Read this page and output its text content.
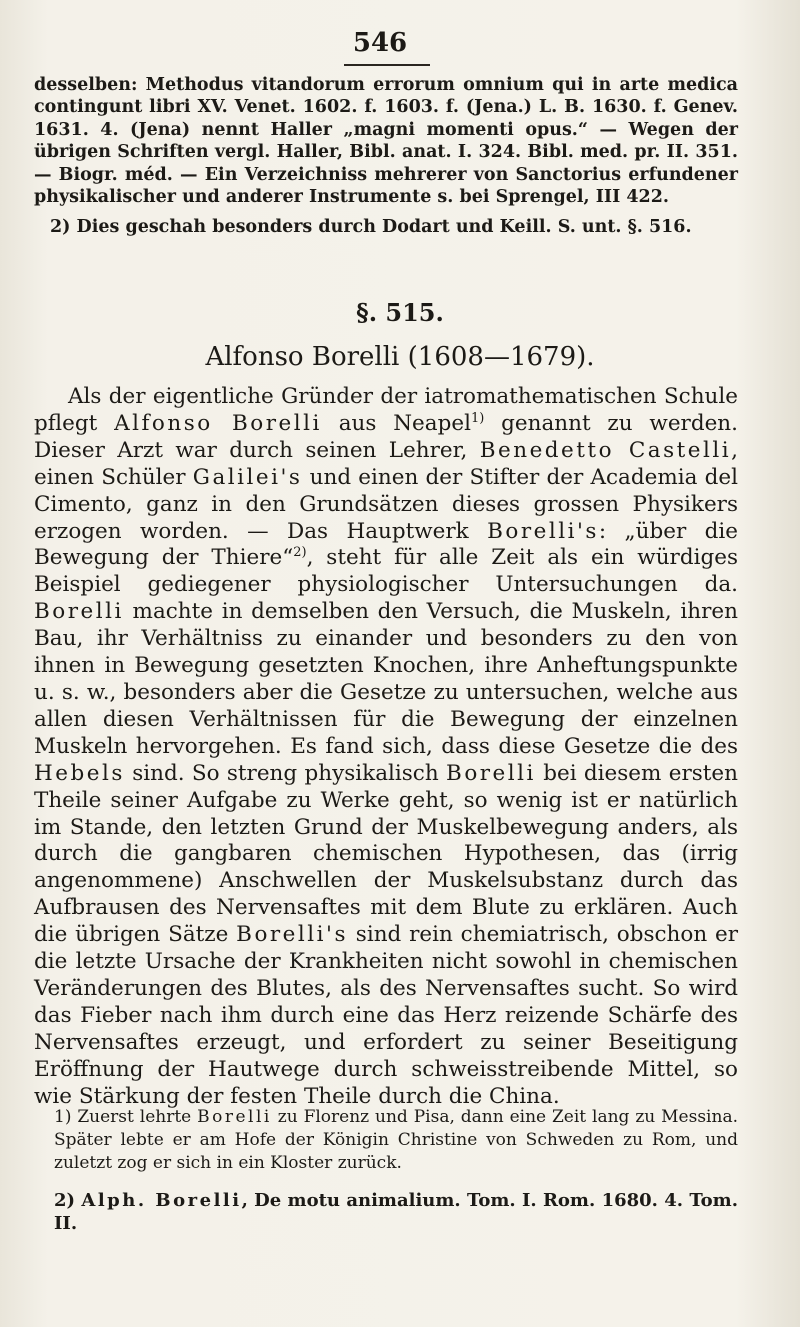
546

desselben: Methodus vitandorum errorum omnium qui in arte medica contingunt libri XV. Venet. 1602. f. 1603. f. (Jena.) L. B. 1630. f. Genev. 1631. 4. (Jena) nennt Haller „magni momenti opus.“ — Wegen der übrigen Schriften vergl. Haller, Bibl. anat. I. 324. Bibl. med. pr. II. 351. — Biogr. méd. — Ein Verzeichniss mehrerer von Sanctorius erfundener physikalischer und anderer Instrumente s. bei Sprengel, III 422.

2) Dies geschah besonders durch Dodart und Keill. S. unt. §. 516.

§. 515.
Alfonso Borelli (1608—1679).

Als der eigentliche Gründer der iatromathematischen Schule pflegt Alfonso Borelli aus Neapel$^{1)}$ genannt zu werden. Dieser Arzt war durch seinen Lehrer, Benedetto Castelli, einen Schüler Galilei's und einen der Stifter der Academia del Cimento, ganz in den Grundsätzen dieses grossen Physikers erzogen worden. — Das Hauptwerk Borelli's: „über die Bewegung der Thiere“$^{2)}$, steht für alle Zeit als ein würdiges Beispiel gediegener physiologischer Untersuchungen da. Borelli machte in demselben den Versuch, die Muskeln, ihren Bau, ihr Verhältniss zu einander und besonders zu den von ihnen in Bewegung gesetzten Knochen, ihre Anheftungspunkte u. s. w., besonders aber die Gesetze zu untersuchen, welche aus allen diesen Verhältnissen für die Bewegung der einzelnen Muskeln hervorgehen. Es fand sich, dass diese Gesetze die des Hebels sind. So streng physikalisch Borelli bei diesem ersten Theile seiner Aufgabe zu Werke geht, so wenig ist er natürlich im Stande, den letzten Grund der Muskelbewegung anders, als durch die gangbaren chemischen Hypothesen, das (irrig angenommene) Anschwellen der Muskelsubstanz durch das Aufbrausen des Nervensaftes mit dem Blute zu erklären. Auch die übrigen Sätze Borelli's sind rein chemiatrisch, obschon er die letzte Ursache der Krankheiten nicht sowohl in chemischen Veränderungen des Blutes, als des Nervensaftes sucht. So wird das Fieber nach ihm durch eine das Herz reizende Schärfe des Nervensaftes erzeugt, und erfordert zu seiner Beseitigung Eröffnung der Hautwege durch schweisstreibende Mittel, so wie Stärkung der festen Theile durch die China.

1) Zuerst lehrte Borelli zu Florenz und Pisa, dann eine Zeit lang zu Messina. Später lebte er am Hofe der Königin Christine von Schweden zu Rom, und zuletzt zog er sich in ein Kloster zurück.

2) Alph. Borelli, De motu animalium. Tom. I. Rom. 1680. 4. Tom. II.
